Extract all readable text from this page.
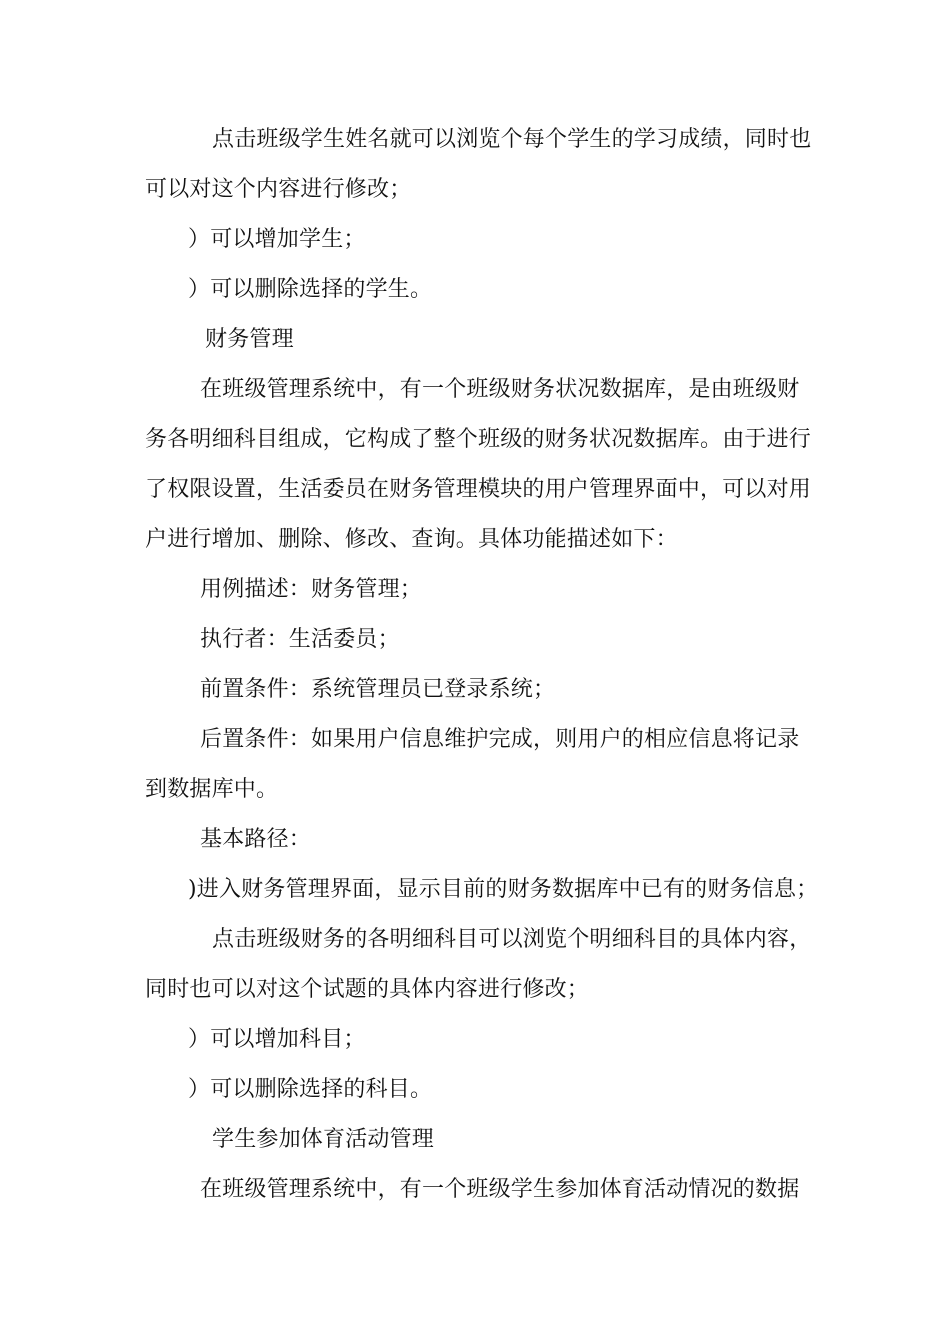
点击班级学生姓名就可以浏览个每个学生的学习成绩，同时也
可以对这个内容进行修改；
）可以增加学生；
）可以删除选择的学生。
财务管理
在班级管理系统中，有一个班级财务状况数据库，是由班级财
务各明细科目组成，它构成了整个班级的财务状况数据库。由于进行
了权限设置，生活委员在财务管理模块的用户管理界面中，可以对用
户进行增加、删除、修改、查询。具体功能描述如下：
用例描述：财务管理；
执行者：生活委员；
前置条件：系统管理员已登录系统；
后置条件：如果用户信息维护完成，则用户的相应信息将记录
到数据库中。
基本路径：
)进入财务管理界面，显示目前的财务数据库中已有的财务信息；
点击班级财务的各明细科目可以浏览个明细科目的具体内容，
同时也可以对这个试题的具体内容进行修改；
）可以增加科目；
）可以删除选择的科目。
学生参加体育活动管理
在班级管理系统中，有一个班级学生参加体育活动情况的数据
